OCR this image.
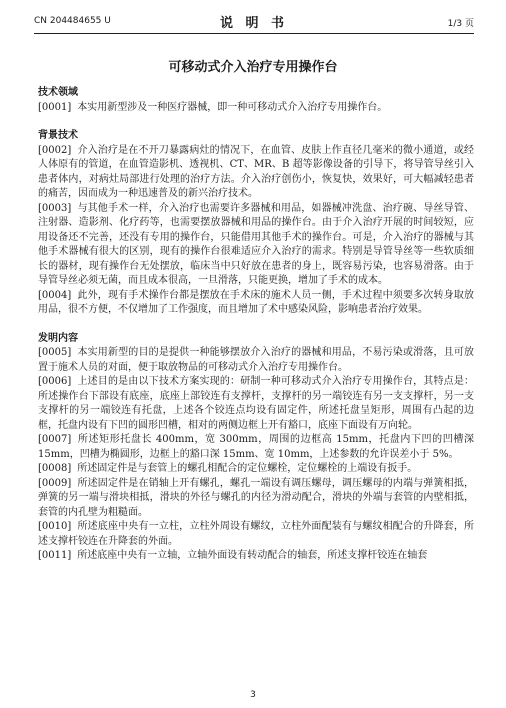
CN 204484655 U	说 明 书	1/3 页
可移动式介入治疗专用操作台

技术领域

[0001] 本实用新型涉及一种医疗器械，即一种可移动式介入治疗专用操作台。

背景技术

[0002] 介入治疗是在不开刀暴露病灶的情况下，在血管、皮肤上作直径几毫米的微小通道，或经人体原有的管道，在血管造影机、透视机、CT、MR、B 超等影像设备的引导下，将导管导丝引入患者体内，对病灶局部进行处理的治疗方法。介入治疗创伤小，恢复快，效果好，可大幅减轻患者的痛苦，因而成为一种迅速普及的新兴治疗技术。

[0003] 与其他手术一样，介入治疗也需要许多器械和用品，如器械冲洗盘、治疗碗、导丝导管、注射器、造影剂、化疗药等，也需要摆放器械和用品的操作台。由于介入治疗开展的时间较短，应用设备还不完善，还没有专用的操作台，只能借用其他手术的操作台。可是，介入治疗的器械与其他手术器械有很大的区别，现有的操作台很难适应介入治疗的需求。特别是导管导丝等一些软质细长的器材，现有操作台无处摆放，临床当中只好放在患者的身上，既容易污染，也容易滑落。由于导管导丝必须无菌，而且成本很高，一旦滑落，只能更换，增加了手术的成本。

[0004] 此外，现有手术操作台都是摆放在手术床的施术人员一侧，手术过程中须要多次转身取放用品，很不方便，不仅增加了工作强度，而且增加了术中感染风险，影响患者治疗效果。

发明内容

[0005] 本实用新型的目的是提供一种能够摆放介入治疗的器械和用品，不易污染或滑落，且可放置于施术人员的对面，便于取放物品的可移动式介入治疗专用操作台。

[0006] 上述目的是由以下技术方案实现的：研制一种可移动式介入治疗专用操作台，其特点是：所述操作台下部设有底座，底座上部铰连有支撑杆，支撑杆的另一端铰连有另一支支撑杆，另一支支撑杆的另一端铰连有托盘，上述各个铰连点均设有固定件，所述托盘呈矩形，周围有凸起的边框，托盘内设有下凹的圆形凹槽，相对的两侧边框上开有豁口，底座下面设有万向轮。

[0007] 所述矩形托盘长 400mm，宽 300mm，周围的边框高 15mm，托盘内下凹的凹槽深 15mm，凹槽为椭圆形，边框上的豁口深 15mm、宽 10mm，上述参数的允许误差小于 5%。

[0008] 所述固定件是与套管上的螺孔相配合的定位螺栓，定位螺栓的上端设有扳手。

[0009] 所述固定件是在销轴上开有螺孔，螺孔一端设有调压螺母，调压螺母的内端与弹簧相抵，弹簧的另一端与滑块相抵，滑块的外径与螺孔的内径为滑动配合，滑块的外端与套管的内壁相抵，套管的内孔壁为粗糙面。

[0010] 所述底座中央有一立柱，立柱外周设有螺纹，立柱外面配装有与螺纹相配合的升降套，所述支撑杆铰连在升降套的外面。

[0011] 所述底座中央有一立轴，立轴外面设有转动配合的轴套，所述支撑杆铰连在轴套

3
